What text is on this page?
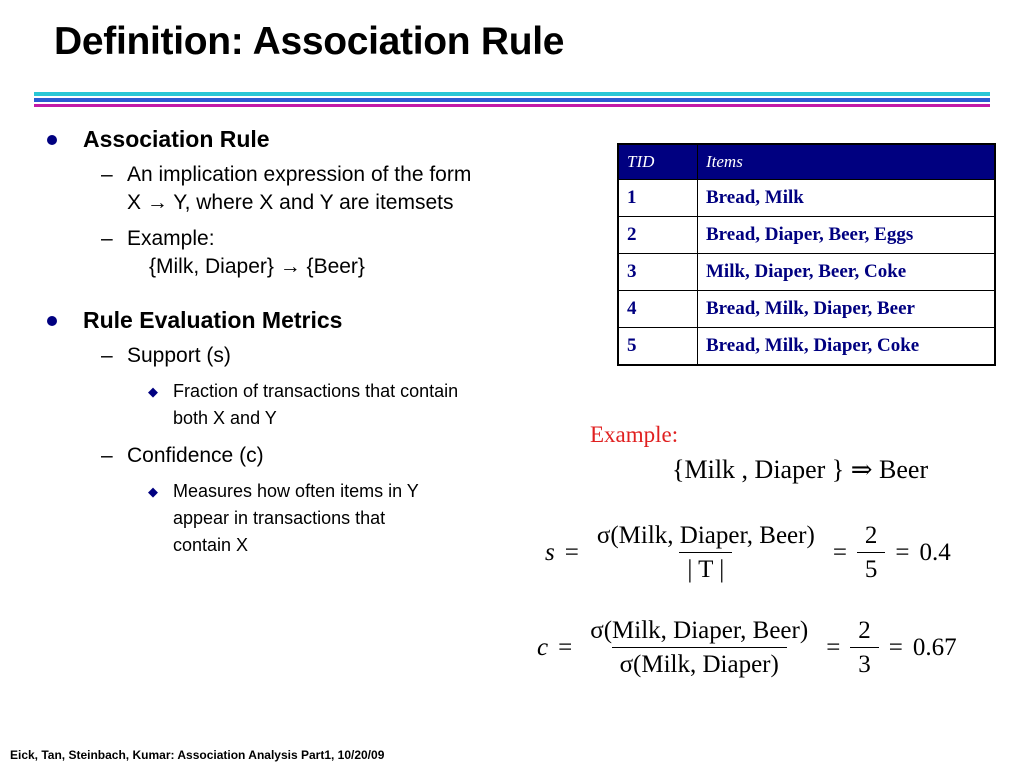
Definition: Association Rule
Association Rule
– An implication expression of the form
X → Y, where X and Y are itemsets
– Example:
{Milk, Diaper} → {Beer}
Rule Evaluation Metrics
– Support (s)
◆ Fraction of transactions that contain
both X and Y
– Confidence (c)
◆ Measures how often items in Y
appear in transactions that
contain X
TID	Items
1	Bread, Milk
2	Bread, Diaper, Beer, Eggs
3	Milk, Diaper, Beer, Coke
4	Bread, Milk, Diaper, Beer
5	Bread, Milk, Diaper, Coke
Example:
{Milk , Diaper } ⇒ Beer
$s = \frac{\text{σ(Milk, Diaper, Beer)}}{| T |} = \frac{2}{5} = 0.4$
$c = \frac{\text{σ(Milk, Diaper, Beer)}}{\text{σ(Milk, Diaper)}} = \frac{2}{3} = 0.67$
Eick, Tan, Steinbach, Kumar: Association Analysis Part1, 10/20/09
